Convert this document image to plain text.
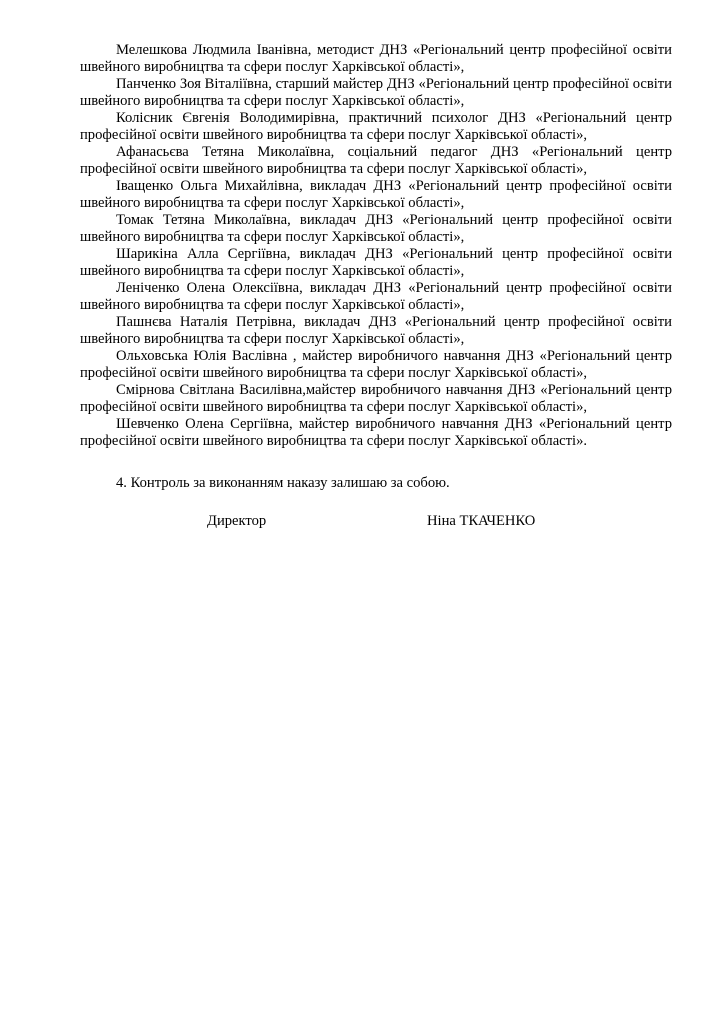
Мелешкова Людмила Іванівна, методист ДНЗ «Регіональний центр професійної освіти швейного виробництва та сфери послуг Харківської області»,

Панченко Зоя Віталіївна, старший майстер ДНЗ «Регіональний центр професійної освіти швейного виробництва та сфери послуг Харківської області»,

Колісник Євгенія Володимирівна, практичний психолог ДНЗ «Регіональний центр професійної освіти швейного виробництва та сфери послуг Харківської області»,

Афанасьєва Тетяна Миколаївна, соціальний педагог ДНЗ «Регіональний центр професійної освіти швейного виробництва та сфери послуг Харківської області»,

Іващенко Ольга Михайлівна, викладач ДНЗ «Регіональний центр професійної освіти швейного виробництва та сфери послуг Харківської області»,

Томак Тетяна Миколаївна, викладач ДНЗ «Регіональний центр професійної освіти швейного виробництва та сфери послуг Харківської області»,

Шарикіна Алла Сергіївна, викладач ДНЗ «Регіональний центр професійної освіти швейного виробництва та сфери послуг Харківської області»,

Леніченко Олена Олексіївна, викладач ДНЗ «Регіональний центр професійної освіти швейного виробництва та сфери послуг Харківської області»,

Пашнєва Наталія Петрівна, викладач ДНЗ «Регіональний центр професійної освіти швейного виробництва та сфери послуг Харківської області»,

Ольховська Юлія Васлівна , майстер виробничого навчання ДНЗ «Регіональний центр професійної освіти швейного виробництва та сфери послуг Харківської області»,

Смірнова Світлана Василівна,майстер виробничого навчання ДНЗ «Регіональний центр професійної освіти швейного виробництва та сфери послуг Харківської області»,

Шевченко Олена Сергіївна, майстер виробничого навчання ДНЗ «Регіональний центр професійної освіти швейного виробництва та сфери послуг Харківської області».

4. Контроль за виконанням наказу залишаю за собою.

Директор	Ніна ТКАЧЕНКО
